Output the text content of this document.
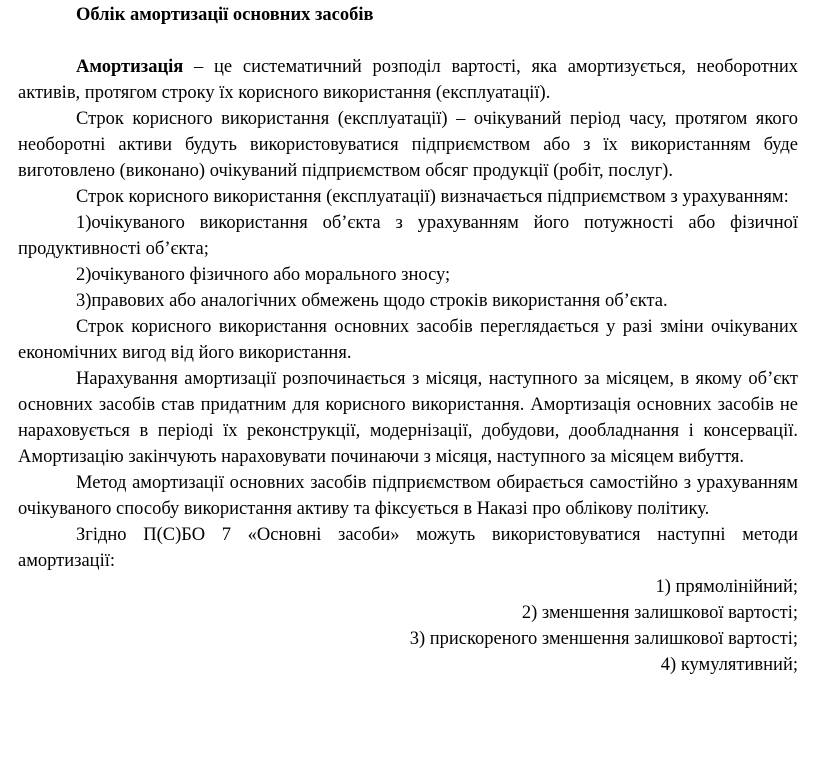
Облік амортизації основних засобів

Амортизація – це систематичний розподіл вартості, яка амортизується, необоротних активів, протягом строку їх корисного використання (експлуатації).

Строк корисного використання (експлуатації) – очікуваний період часу, протягом якого необоротні активи будуть використовуватися підприємством або з їх використанням буде виготовлено (виконано) очікуваний підприємством обсяг продукції (робіт, послуг).

Строк корисного використання (експлуатації) визначається підприємством з урахуванням:

1)очікуваного використання об’єкта з урахуванням його потужності або фізичної продуктивності об’єкта;

2)очікуваного фізичного або морального зносу;

3)правових або аналогічних обмежень щодо строків використання об’єкта.

Строк корисного використання основних засобів переглядається у разі зміни очікуваних економічних вигод від його використання.

Нарахування амортизації розпочинається з місяця, наступного за місяцем, в якому об’єкт основних засобів став придатним для корисного використання. Амортизація основних засобів не нараховується в періоді їх реконструкції, модернізації, добудови, дообладнання і консервації. Амортизацію закінчують нараховувати починаючи з місяця, наступного за місяцем вибуття.

Метод амортизації основних засобів підприємством обирається самостійно з урахуванням очікуваного способу використання активу та фіксується в Наказі про облікову політику.

Згідно П(С)БО 7 «Основні засоби» можуть використовуватися наступні методи амортизації:

1) прямолінійний;

2) зменшення залишкової вартості;

3) прискореного зменшення залишкової вартості;

4) кумулятивний;
